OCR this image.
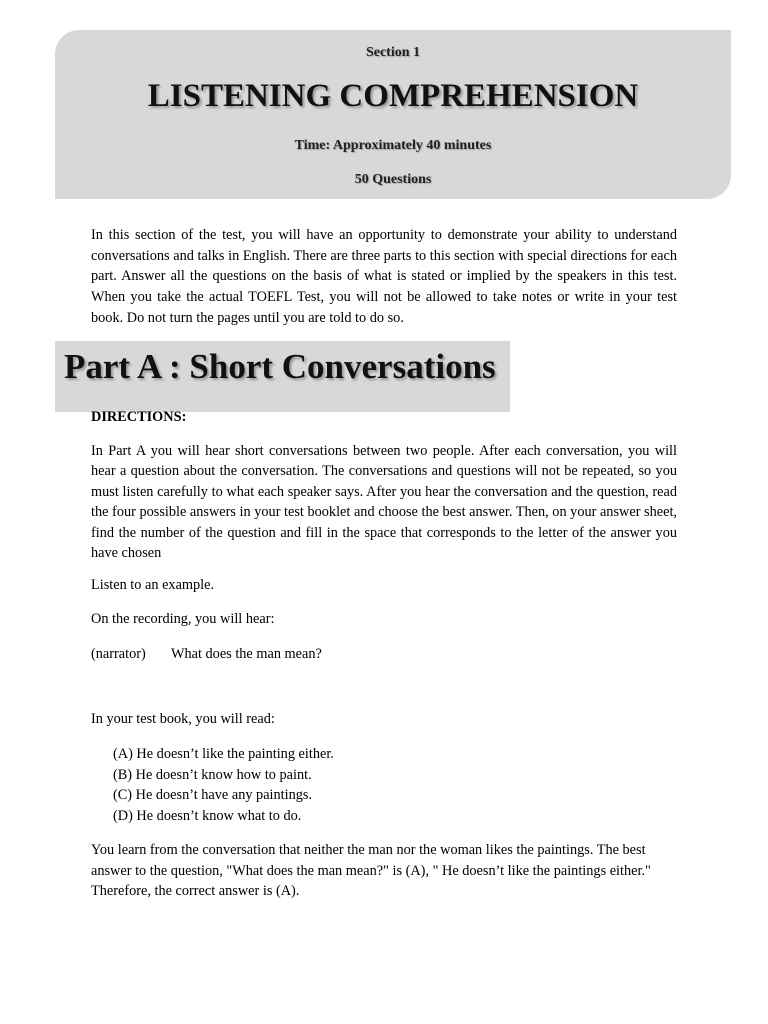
Section 1
LISTENING COMPREHENSION
Time: Approximately 40 minutes
50 Questions
In this section of the test, you will have an opportunity to demonstrate your ability to understand conversations and talks in English. There are three parts to this section with special directions for each part. Answer all the questions on the basis of what is stated or implied by the speakers in this test. When you take the actual TOEFL Test, you will not be allowed to take notes or write in your test book. Do not turn the pages until you are told to do so.
Part A : Short Conversations
DIRECTIONS:
In Part A you will hear short conversations between two people. After each conversation, you will hear a question about the conversation. The conversations and questions will not be repeated, so you must listen carefully to what each speaker says. After you hear the conversation and the question, read the four possible answers in your test booklet and choose the best answer. Then, on your answer sheet, find the number of the question and fill in the space that corresponds to the letter of the answer you have chosen
Listen to an example.
On the recording, you will hear:
(narrator) What does the man mean?
In your test book, you will read:
(A) He doesn’t like the painting either.
(B) He doesn’t know how to paint.
(C) He doesn’t have any paintings.
(D) He doesn’t know what to do.
You learn from the conversation that neither the man nor the woman likes the paintings. The best answer to the question, "What does the man mean?" is (A), " He doesn’t like the paintings either." Therefore, the correct answer is (A).
